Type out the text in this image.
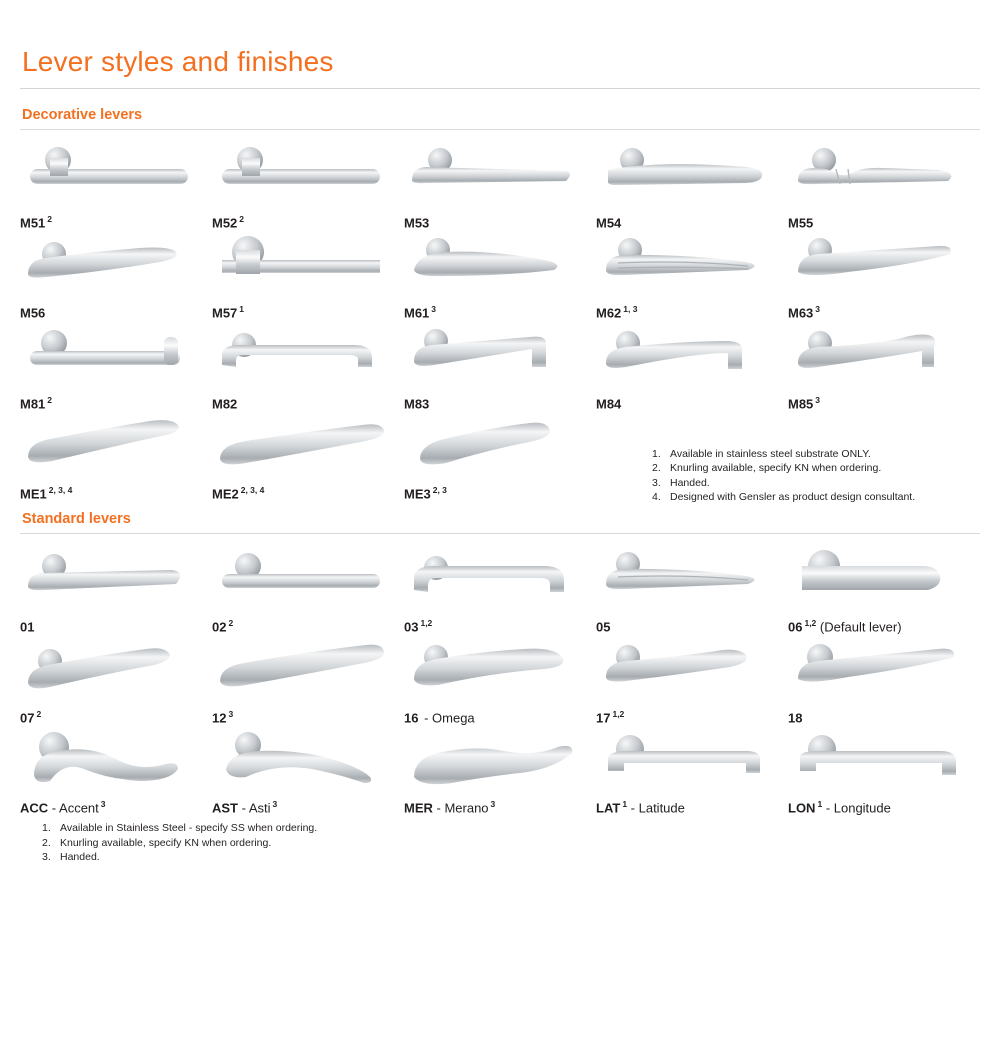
Lever styles and finishes
Decorative levers
M51 $^2$	M52 $^2$	M53	M54	M55
M56	M57 $^1$	M61 $^3$	M62 $^{1, 3}$	M63 $^3$
M81 $^2$	M82	M83	M84	M85 $^3$
ME1 $^{2, 3, 4}$	ME2 $^{2, 3, 4}$	ME3 $^{2, 3}$
1. Available in stainless steel substrate ONLY.
2. Knurling available, specify KN when ordering.
3. Handed.
4. Designed with Gensler as product design consultant.
Standard levers
01	02 $^2$	03 $^{1,2}$	05	06 $^{1,2}$ (Default lever)
07 $^2$	12 $^3$	16 - Omega	17 $^{1,2}$	18
ACC - Accent $^3$	AST - Asti $^3$	MER - Merano $^3$	LAT $^1$ - Latitude	LON $^1$ - Longitude
1. Available in Stainless Steel - specify SS when ordering.
2. Knurling available, specify KN when ordering.
3. Handed.
